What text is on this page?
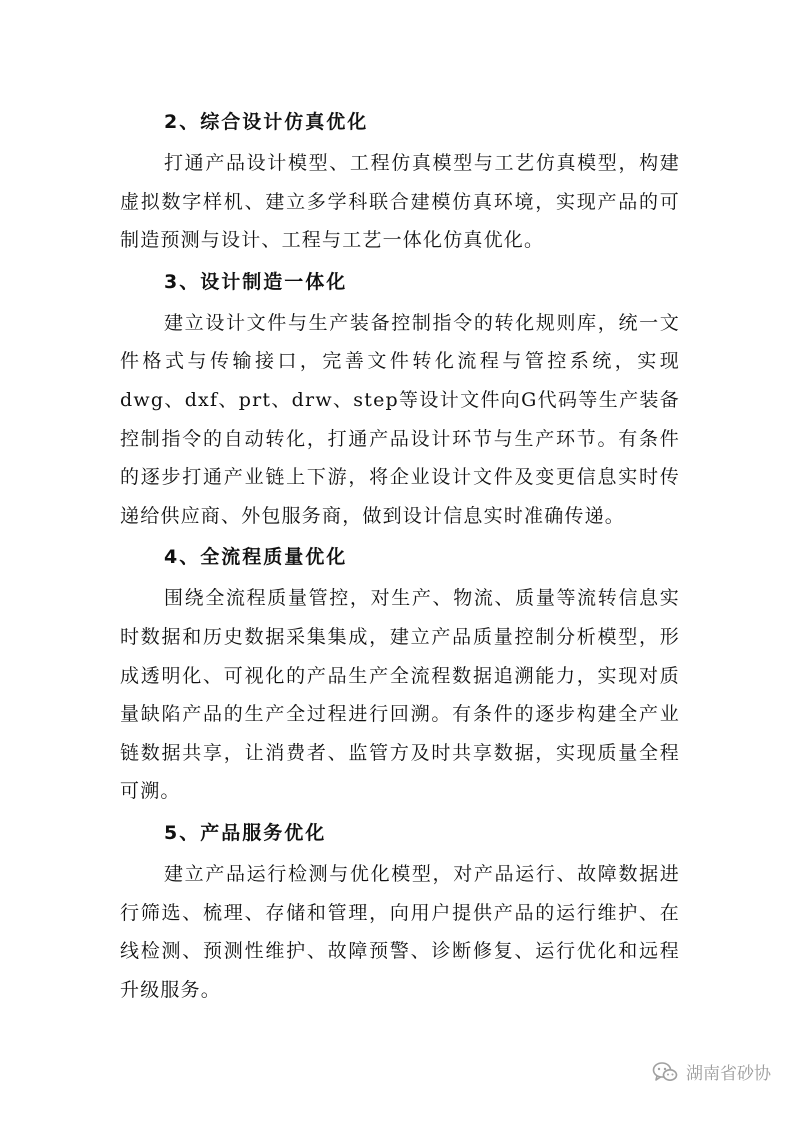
2、综合设计仿真优化

打通产品设计模型、工程仿真模型与工艺仿真模型，构建虚拟数字样机、建立多学科联合建模仿真环境，实现产品的可制造预测与设计、工程与工艺一体化仿真优化。

3、设计制造一体化

建立设计文件与生产装备控制指令的转化规则库，统一文件格式与传输接口，完善文件转化流程与管控系统，实现dwg、dxf、prt、drw、step等设计文件向G代码等生产装备控制指令的自动转化，打通产品设计环节与生产环节。有条件的逐步打通产业链上下游，将企业设计文件及变更信息实时传递给供应商、外包服务商，做到设计信息实时准确传递。

4、全流程质量优化

围绕全流程质量管控，对生产、物流、质量等流转信息实时数据和历史数据采集集成，建立产品质量控制分析模型，形成透明化、可视化的产品生产全流程数据追溯能力，实现对质量缺陷产品的生产全过程进行回溯。有条件的逐步构建全产业链数据共享，让消费者、监管方及时共享数据，实现质量全程可溯。

5、产品服务优化

建立产品运行检测与优化模型，对产品运行、故障数据进行筛选、梳理、存储和管理，向用户提供产品的运行维护、在线检测、预测性维护、故障预警、诊断修复、运行优化和远程升级服务。

湖南省砂协
